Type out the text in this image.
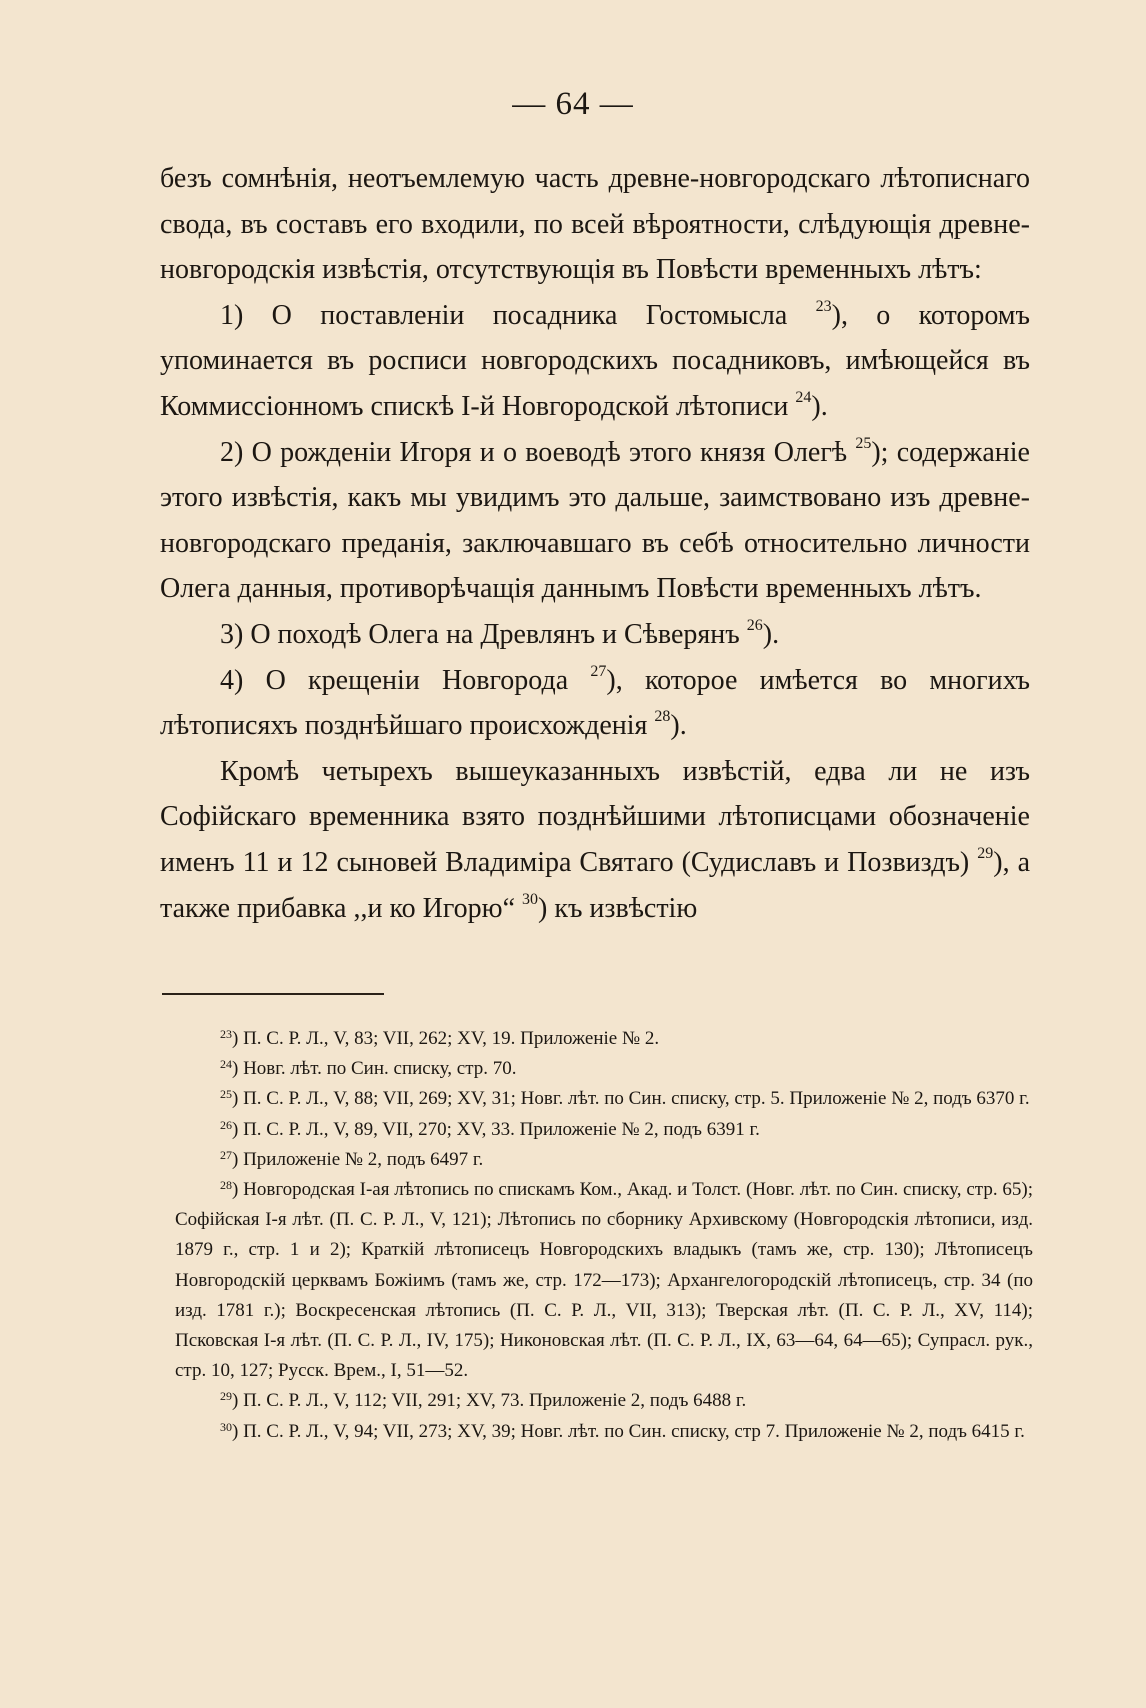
— 64 —

безъ сомнѣнія, неотъемлемую часть древне-новгородскаго лѣтописнаго свода, въ составъ его входили, по всей вѣроятности, слѣдующія древне-новгородскія извѣстія, отсутствующія въ Повѣсти временныхъ лѣтъ:

1) О поставленіи посадника Гостомысла $^{23}$), о которомъ упоминается въ росписи новгородскихъ посадниковъ, имѣющейся въ Коммиссіонномъ спискѣ I-й Новгородской лѣтописи $^{24}$).

2) О рожденіи Игоря и о воеводѣ этого князя Олегѣ $^{25}$); содержаніе этого извѣстія, какъ мы увидимъ это дальше, заимствовано изъ древне-новгородскаго преданія, заключавшаго въ себѣ относительно личности Олега данныя, противорѣчащія даннымъ Повѣсти временныхъ лѣтъ.

3) О походѣ Олега на Древлянъ и Сѣверянъ $^{26}$).

4) О крещеніи Новгорода $^{27}$), которое имѣется во многихъ лѣтописяхъ позднѣйшаго происхожденія $^{28}$).

Кромѣ четырехъ вышеуказанныхъ извѣстій, едва ли не изъ Софійскаго временника взято позднѣйшими лѣтописцами обозначеніе именъ 11 и 12 сыновей Владиміра Святаго (Судиславъ и Позвиздъ) $^{29}$), а также прибавка ,,и ко Игорю“ $^{30}$) къ извѣстію

$^{23}$) П. С. Р. Л., V, 83; VII, 262; XV, 19. Приложеніе № 2.

$^{24}$) Новг. лѣт. по Син. списку, стр. 70.

$^{25}$) П. С. Р. Л., V, 88; VII, 269; XV, 31; Новг. лѣт. по Син. списку, стр. 5. Приложеніе № 2, подъ 6370 г.

$^{26}$) П. С. Р. Л., V, 89, VII, 270; XV, 33. Приложеніе № 2, подъ 6391 г.

$^{27}$) Приложеніе № 2, подъ 6497 г.

$^{28}$) Новгородская I-ая лѣтопись по спискамъ Ком., Акад. и Толст. (Новг. лѣт. по Син. списку, стр. 65); Софійская I-я лѣт. (П. С. Р. Л., V, 121); Лѣтопись по сборнику Архивскому (Новгородскія лѣтописи, изд. 1879 г., стр. 1 и 2); Краткій лѣтописецъ Новгородскихъ владыкъ (тамъ же, стр. 130); Лѣтописецъ Новгородскій церквамъ Божіимъ (тамъ же, стр. 172—173); Архангелогородскій лѣтописецъ, стр. 34 (по изд. 1781 г.); Воскресенская лѣтопись (П. С. Р. Л., VII, 313); Тверская лѣт. (П. С. Р. Л., XV, 114); Псковская I-я лѣт. (П. С. Р. Л., IV, 175); Никоновская лѣт. (П. С. Р. Л., IX, 63—64, 64—65); Супрасл. рук., стр. 10, 127; Русск. Врем., I, 51—52.

$^{29}$) П. С. Р. Л., V, 112; VII, 291; XV, 73. Приложеніе 2, подъ 6488 г.

$^{30}$) П. С. Р. Л., V, 94; VII, 273; XV, 39; Новг. лѣт. по Син. списку, стр 7. Приложеніе № 2, подъ 6415 г.
